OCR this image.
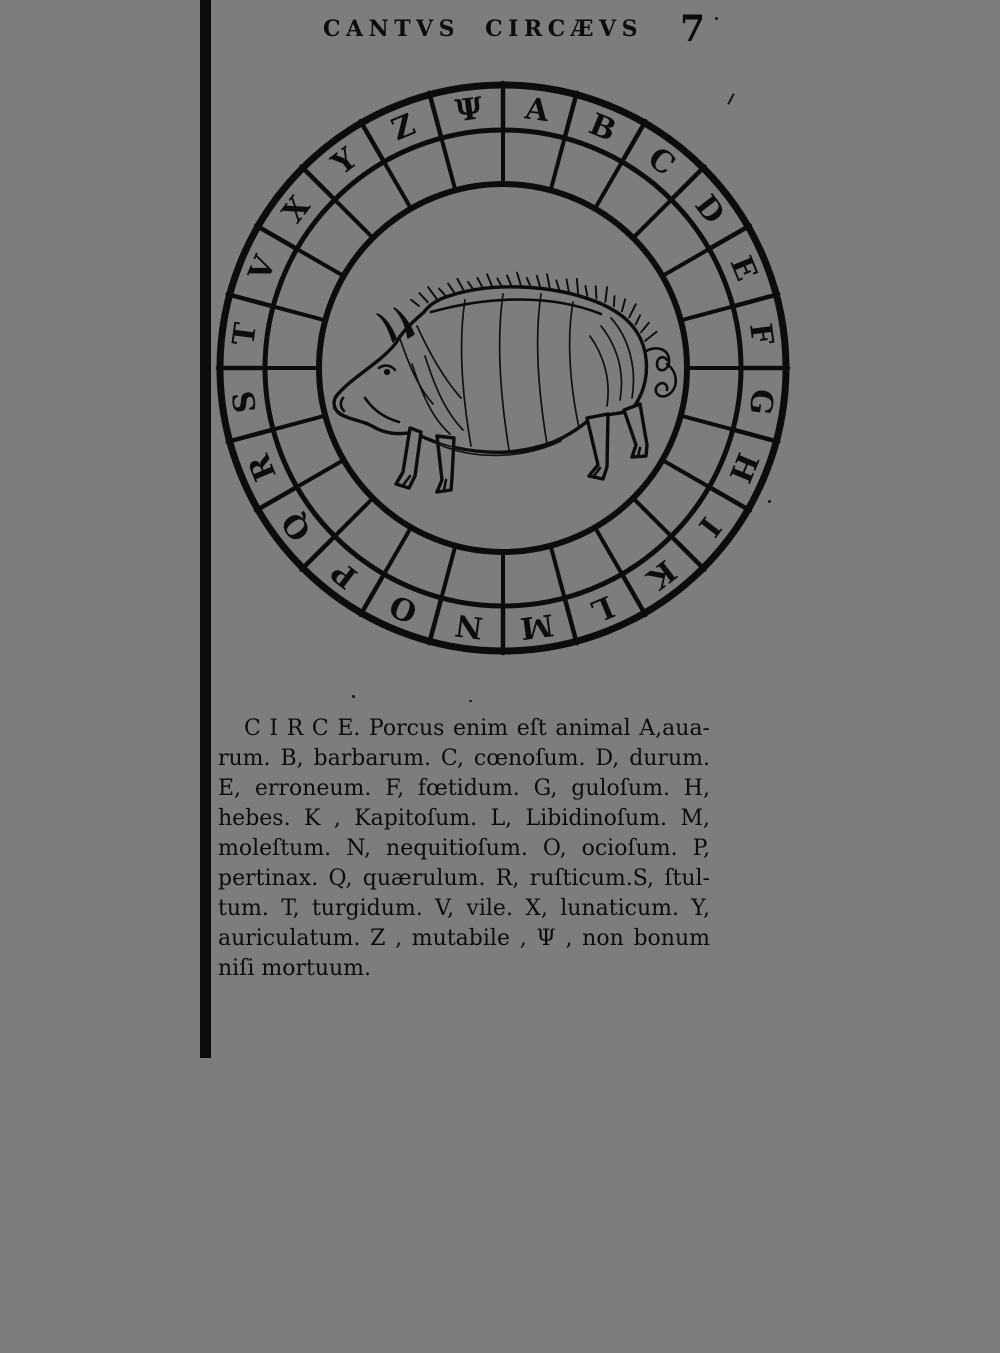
CANTVS CIRCÆVS 7
A B
C
D
E
F
G
H
I
K
L
M
N
O
P
Q
R
S
T
V
X
Y
Z Ψ
C I R C E. Porcus enim eſt animal A,aua-
rum. B, barbarum. C, cœnoſum. D, durum.
E, erroneum. F, fœtidum. G, guloſum. H,
hebes. K , Kapitoſum. L, Libidinoſum. M,
moleſtum. N, nequitioſum. O, ocioſum. P,
pertinax. Q, quærulum. R, ruſticum.S, ſtul-
tum. T, turgidum. V, vile. X, lunaticum. Y,
auriculatum. Z , mutabile , Ψ , non bonum
niſi mortuum.
